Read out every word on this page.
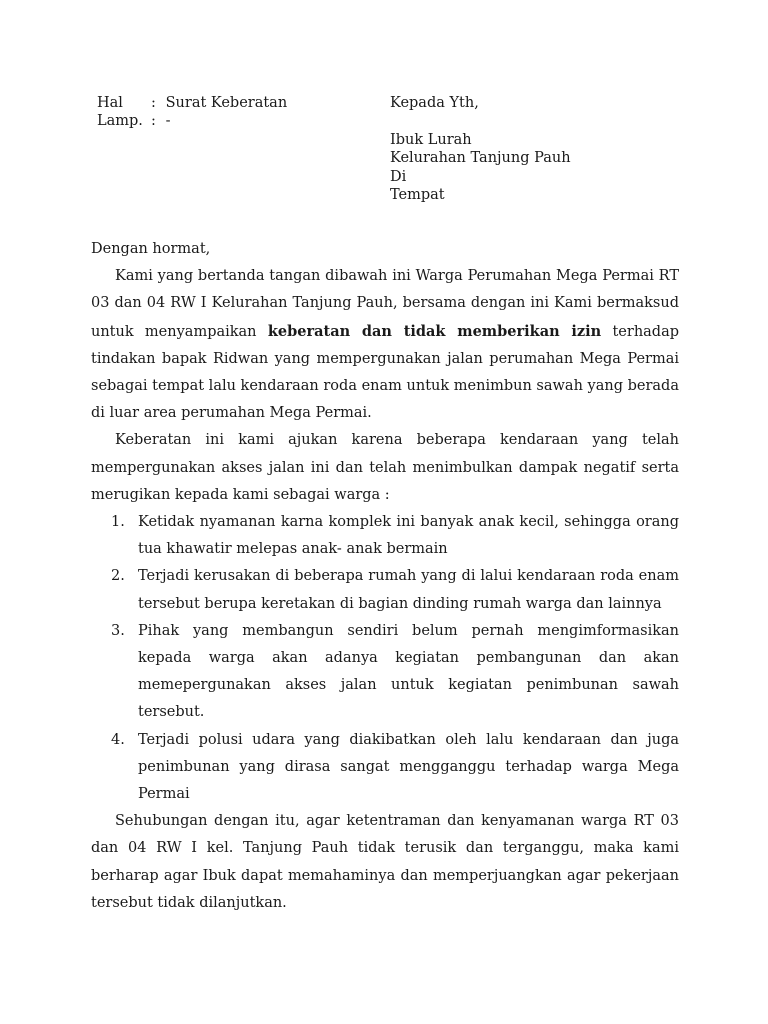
Hal : Surat Keberatan
Lamp. : -
Kepada Yth,
Ibuk Lurah
Kelurahan Tanjung Pauh
Di
Tempat

Dengan hormat,

Kami yang bertanda tangan dibawah ini Warga Perumahan Mega Permai RT 03 dan 04 RW I Kelurahan Tanjung Pauh, bersama dengan ini Kami bermaksud untuk menyampaikan keberatan dan tidak memberikan izin terhadap tindakan bapak Ridwan yang mempergunakan jalan perumahan Mega Permai sebagai tempat lalu kendaraan roda enam untuk menimbun sawah yang berada di luar area perumahan Mega Permai.

Keberatan ini kami ajukan karena beberapa kendaraan yang telah mempergunakan akses jalan ini dan telah menimbulkan dampak negatif serta merugikan kepada kami sebagai warga :

1. Ketidak nyamanan karna komplek ini banyak anak kecil, sehingga orang tua khawatir melepas anak- anak bermain
2. Terjadi kerusakan di beberapa rumah yang di lalui kendaraan roda enam tersebut berupa keretakan di bagian dinding rumah warga dan lainnya
3. Pihak yang membangun sendiri belum pernah mengimformasikan kepada warga akan adanya kegiatan pembangunan dan akan memepergunakan akses jalan untuk kegiatan penimbunan sawah tersebut.
4. Terjadi polusi udara yang diakibatkan oleh lalu kendaraan dan juga penimbunan yang dirasa sangat mengganggu terhadap warga Mega Permai

Sehubungan dengan itu, agar ketentraman dan kenyamanan warga RT 03 dan 04 RW I kel. Tanjung Pauh tidak terusik dan terganggu, maka kami berharap agar Ibuk dapat memahaminya dan memperjuangkan agar pekerjaan tersebut tidak dilanjutkan.
